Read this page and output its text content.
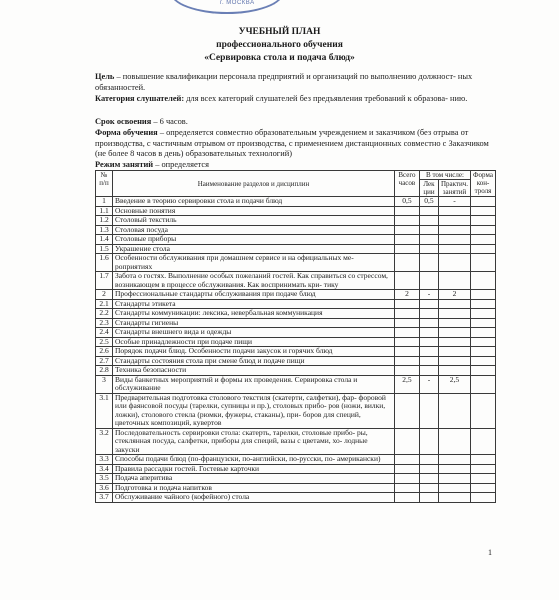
г. МОСКВА
УЧЕБНЫЙ ПЛАН
профессионального обучения
«Сервировка стола и подача блюд»
Цель – повышение квалификации персонала предприятий и организаций по выполнению должност- ных обязанностей.
Категория слушателей: для всех категорий слушателей без предъявления требований к образова- нию.
Срок освоения – 6 часов.
Форма обучения – определяется совместно образовательным учреждением и заказчиком (без отрыва от производства, с частичным отрывом от производства, с применением дистанционных совместно с Заказчиком (не более 8 часов в день) образовательных технологий)
Режим занятий – определяется
№ п/п	Наименование разделов и дисциплин	Всего часов	В том числе:		Форма кон- троля
			Лек ции	Практич. занятий	
1	Введение в теорию сервировки стола и подачи блюд	0,5	0,5	-	
1.1	Основные понятия				
1.2	Столовый текстиль				
1.3	Столовая посуда				
1.4	Столовые приборы				
1.5	Украшение стола				
1.6	Особенности обслуживания при домашнем сервисе и на официальных ме- роприятиях				
1.7	Забота о гостях. Выполнение особых пожеланий гостей. Как справиться со стрессом, возникающем в процессе обслуживания. Как воспринимать кри- тику				
2	Профессиональные стандарты обслуживания при подаче блюд	2	-	2	
2.1	Стандарты этикета				
2.2	Стандарты коммуникации: лексика, невербальная коммуникация				
2.3	Стандарты гигиены				
2.4	Стандарты внешнего вида и одежды				
2.5	Особые принадлежности при подаче пищи				
2.6	Порядок подачи блюд. Особенности подачи закусок и горячих блюд				
2.7	Стандарты состояния стола при смене блюд и подаче пищи				
2.8	Техника безопасности				
3	Виды банкетных мероприятий и формы их проведения. Сервировка стола и обслуживание	2,5	-	2,5	
3.1	Предварительная подготовка столового текстиля (скатерти, салфетки), фар- форовой или фаянсовой посуды (тарелки, супницы и пр.), столовых прибо- ров (ножи, вилки, ложки), столового стекла (рюмки, фужеры, стаканы), при- боров для специй, цветочных композиций, кувертов				
3.2	Последовательность сервировки стола: скатерть, тарелки, столовые прибо- ры, стеклянная посуда, салфетки, приборы для специй, вазы с цветами, хо- лодные закуски				
3.3	Способы подачи блюд (по-французски, по-английски, по-русски, по- американски)				
3.4	Правила рассадки гостей. Гостевые карточки				
3.5	Подача аперитива				
3.6	Подготовка и подача напитков				
3.7	Обслуживание чайного (кофейного) стола				
1
